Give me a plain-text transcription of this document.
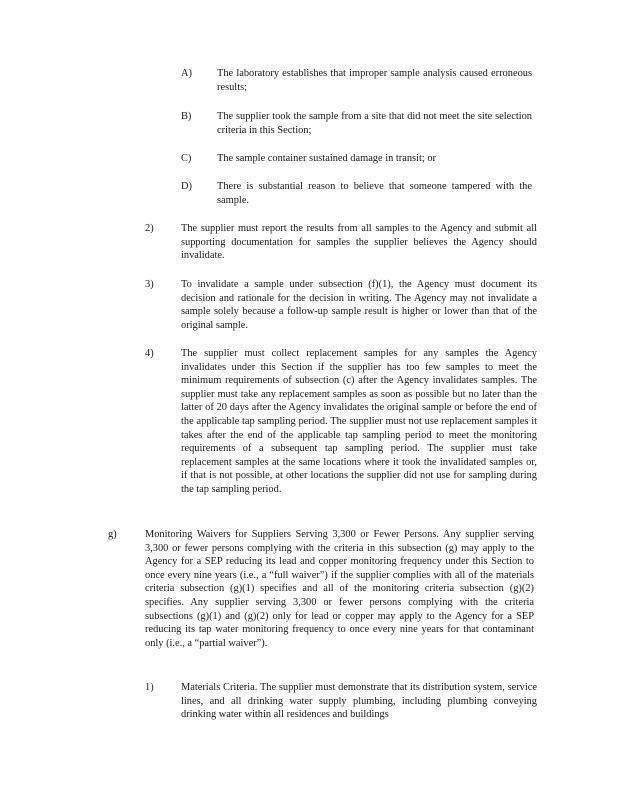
A)	The laboratory establishes that improper sample analysis caused erroneous results;
B)	The supplier took the sample from a site that did not meet the site selection criteria in this Section;
C)	The sample container sustained damage in transit; or
D)	There is substantial reason to believe that someone tampered with the sample.
2)	The supplier must report the results from all samples to the Agency and submit all supporting documentation for samples the supplier believes the Agency should invalidate.
3)	To invalidate a sample under subsection (f)(1), the Agency must document its decision and rationale for the decision in writing. The Agency may not invalidate a sample solely because a follow-up sample result is higher or lower than that of the original sample.
4)	The supplier must collect replacement samples for any samples the Agency invalidates under this Section if the supplier has too few samples to meet the minimum requirements of subsection (c) after the Agency invalidates samples. The supplier must take any replacement samples as soon as possible but no later than the latter of 20 days after the Agency invalidates the original sample or before the end of the applicable tap sampling period. The supplier must not use replacement samples it takes after the end of the applicable tap sampling period to meet the monitoring requirements of a subsequent tap sampling period. The supplier must take replacement samples at the same locations where it took the invalidated samples or, if that is not possible, at other locations the supplier did not use for sampling during the tap sampling period.
g)	Monitoring Waivers for Suppliers Serving 3,300 or Fewer Persons. Any supplier serving 3,300 or fewer persons complying with the criteria in this subsection (g) may apply to the Agency for a SEP reducing its lead and copper monitoring frequency under this Section to once every nine years (i.e., a “full waiver”) if the supplier complies with all of the materials criteria subsection (g)(1) specifies and all of the monitoring criteria subsection (g)(2) specifies. Any supplier serving 3,300 or fewer persons complying with the criteria subsections (g)(1) and (g)(2) only for lead or copper may apply to the Agency for a SEP reducing its tap water monitoring frequency to once every nine years for that contaminant only (i.e., a “partial waiver”).
1)	Materials Criteria. The supplier must demonstrate that its distribution system, service lines, and all drinking water supply plumbing, including plumbing conveying drinking water within all residences and buildings
